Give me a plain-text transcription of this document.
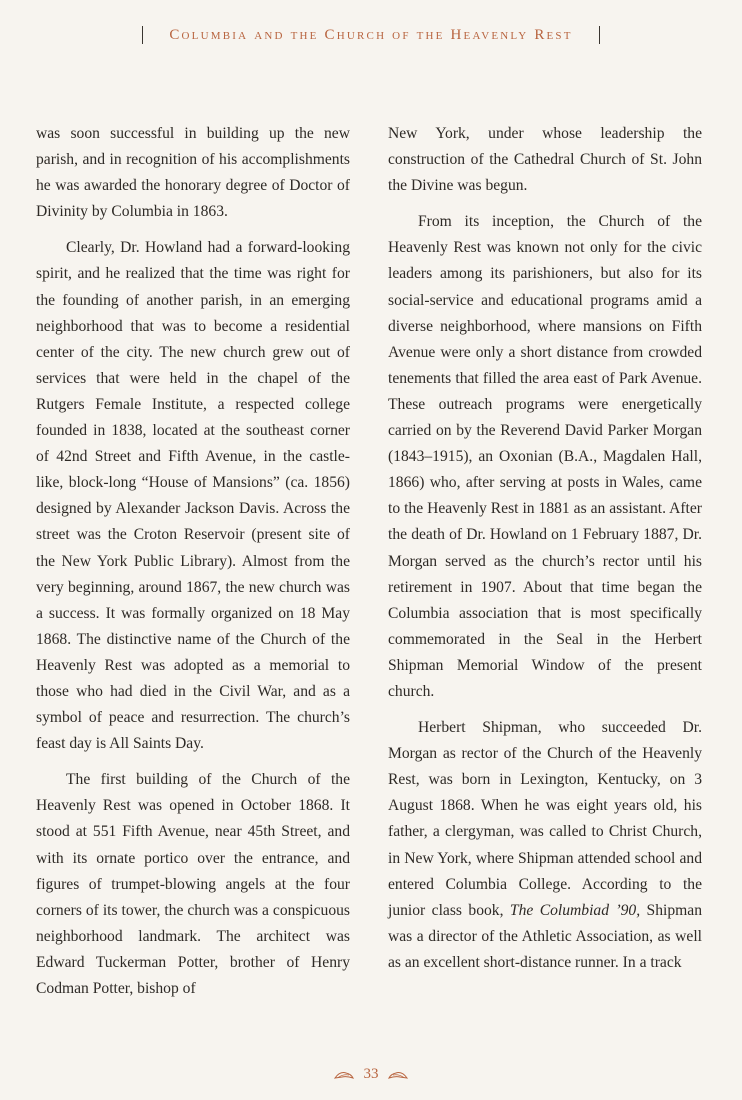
Columbia and the Church of the Heavenly Rest

was soon successful in building up the new parish, and in recognition of his accomplishments he was awarded the honorary degree of Doctor of Divinity by Columbia in 1863.

Clearly, Dr. Howland had a forward-looking spirit, and he realized that the time was right for the founding of another parish, in an emerging neighborhood that was to become a residential center of the city. The new church grew out of services that were held in the chapel of the Rutgers Female Institute, a respected college founded in 1838, located at the southeast corner of 42nd Street and Fifth Avenue, in the castle-like, block-long “House of Mansions” (ca. 1856) designed by Alexander Jackson Davis. Across the street was the Croton Reservoir (present site of the New York Public Library). Almost from the very beginning, around 1867, the new church was a success. It was formally organized on 18 May 1868. The distinctive name of the Church of the Heavenly Rest was adopted as a memorial to those who had died in the Civil War, and as a symbol of peace and resurrection. The church’s feast day is All Saints Day.

The first building of the Church of the Heavenly Rest was opened in October 1868. It stood at 551 Fifth Avenue, near 45th Street, and with its ornate portico over the entrance, and figures of trumpet-blowing angels at the four corners of its tower, the church was a conspicuous neighborhood landmark. The architect was Edward Tuckerman Potter, brother of Henry Codman Potter, bishop of

New York, under whose leadership the construction of the Cathedral Church of St. John the Divine was begun.

From its inception, the Church of the Heavenly Rest was known not only for the civic leaders among its parishioners, but also for its social-service and educational programs amid a diverse neighborhood, where mansions on Fifth Avenue were only a short distance from crowded tenements that filled the area east of Park Avenue. These outreach programs were energetically carried on by the Reverend David Parker Morgan (1843–1915), an Oxonian (B.A., Magdalen Hall, 1866) who, after serving at posts in Wales, came to the Heavenly Rest in 1881 as an assistant. After the death of Dr. Howland on 1 February 1887, Dr. Morgan served as the church’s rector until his retirement in 1907. About that time began the Columbia association that is most specifically commemorated in the Seal in the Herbert Shipman Memorial Window of the present church.

Herbert Shipman, who succeeded Dr. Morgan as rector of the Church of the Heavenly Rest, was born in Lexington, Kentucky, on 3 August 1868. When he was eight years old, his father, a clergyman, was called to Christ Church, in New York, where Shipman attended school and entered Columbia College. According to the junior class book, The Columbiad ’90, Shipman was a director of the Athletic Association, as well as an excellent short-distance runner. In a track

33
